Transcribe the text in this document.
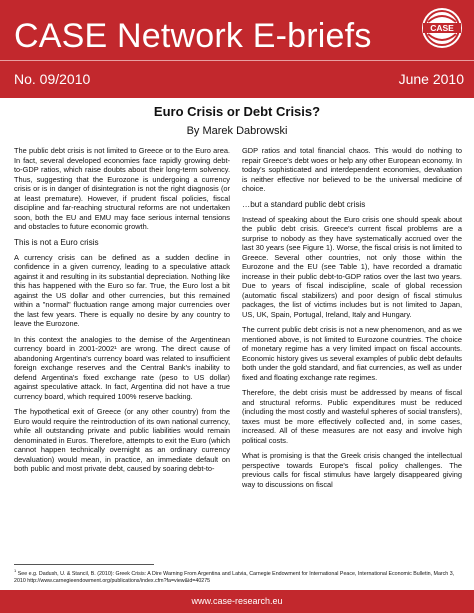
CASE Network E-briefs	CASE
No. 09/2010	June 2010
Euro Crisis or Debt Crisis?
By Marek Dabrowski

The public debt crisis is not limited to Greece or to the Euro area. In fact, several developed economies face rapidly growing debt-to-GDP ratios, which raise doubts about their long-term solvency. Thus, suggesting that the Eurozone is undergoing a currency crisis or is in danger of disintegration is not the right diagnosis (or at least premature). However, if prudent fiscal policies, fiscal discipline and far-reaching structural reforms are not undertaken soon, both the EU and EMU may face serious internal tensions and obstacles to future economic growth.

This is not a Euro crisis

A currency crisis can be defined as a sudden decline in confidence in a given currency, leading to a speculative attack against it and resulting in its substantial depreciation. Nothing like this has happened with the Euro so far. True, the Euro lost a bit against the US dollar and other currencies, but this remained within a "normal" fluctuation range among major currencies over the last few years. There is equally no desire by any country to leave the Eurozone.

In this context the analogies to the demise of the Argentinean currency board in 2001-2002¹ are wrong. The direct cause of abandoning Argentina's currency board was related to insufficient foreign exchange reserves and the Central Bank's inability to defend Argentina's fixed exchange rate (peso to US dollar) against speculative attack. In fact, Argentina did not have a true currency board, which required 100% reserve backing.

The hypothetical exit of Greece (or any other country) from the Euro would require the reintroduction of its own national currency, while all outstanding private and public liabilities would remain denominated in Euros. Therefore, attempts to exit the Euro (which cannot happen technically overnight as an ordinary currency devaluation) would mean, in practice, an immediate default on both public and most private debt, caused by soaring debt-to-

GDP ratios and total financial chaos. This would do nothing to repair Greece's debt woes or help any other European economy. In today's sophisticated and interdependent economies, devaluation is neither effective nor believed to be the universal medicine of choice.

…but a standard public debt crisis

Instead of speaking about the Euro crisis one should speak about the public debt crisis. Greece's current fiscal problems are a surprise to nobody as they have systematically accrued over the last 30 years (see Figure 1). Worse, the fiscal crisis is not limited to Greece. Several other countries, not only those within the Eurozone and the EU (see Table 1), have recorded a dramatic increase in their public debt-to-GDP ratios over the last two years. Due to years of fiscal indiscipline, scale of global recession (automatic fiscal stabilizers) and poor design of fiscal stimulus packages, the list of victims includes but is not limited to Japan, US, UK, Spain, Portugal, Ireland, Italy and Hungary.

The current public debt crisis is not a new phenomenon, and as we mentioned above, is not limited to Eurozone countries. The choice of monetary regime has a very limited impact on fiscal accounts. Economic history gives us several examples of public debt defaults both under the gold standard, and fiat currencies, as well as under fixed and floating exchange rate regimes.

Therefore, the debt crisis must be addressed by means of fiscal and structural reforms. Public expenditures must be reduced (including the most costly and wasteful spheres of social transfers), taxes must be more effectively collected and, in some cases, increased. All of these measures are not easy and involve high political costs.

What is promising is that the Greek crisis changed the intellectual perspective towards Europe's fiscal policy challenges. The previous calls for fiscal stimulus have largely disappeared giving way to discussions on fiscal

$^1$ See e.g. Dadush, U. & Stancil, B. (2010): Greek Crisis: A Dire Warning From Argentina and Latvia, Carnegie Endowment for International Peace, International Economic Bulletin, March 3, 2010 http://www.carnegieendowment.org/publications/index.cfm?fa=view&id=40275
www.case-research.eu
